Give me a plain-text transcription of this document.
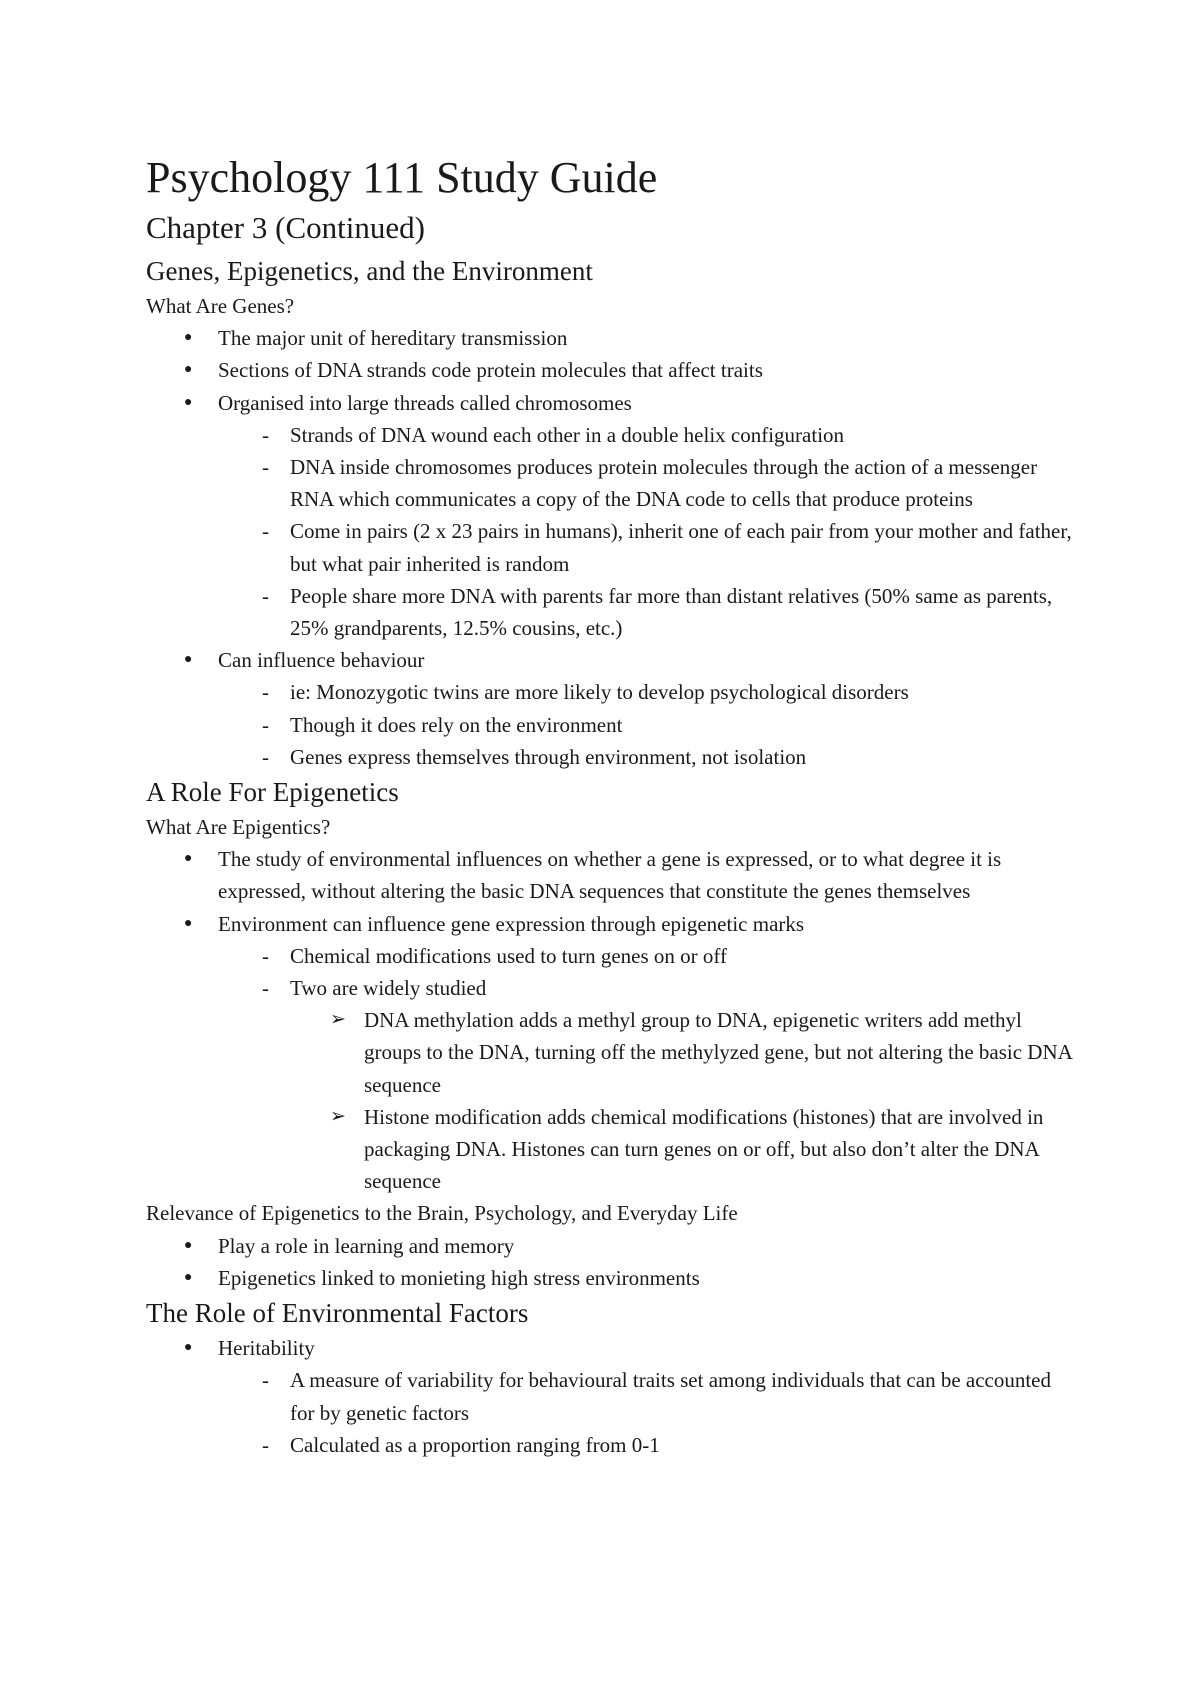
Psychology 111 Study Guide
Chapter 3 (Continued)
Genes, Epigenetics, and the Environment

What Are Genes?

● The major unit of hereditary transmission
● Sections of DNA strands code protein molecules that affect traits
● Organised into large threads called chromosomes
- Strands of DNA wound each other in a double helix configuration
- DNA inside chromosomes produces protein molecules through the action of a messenger RNA which communicates a copy of the DNA code to cells that produce proteins
- Come in pairs (2 x 23 pairs in humans), inherit one of each pair from your mother and father, but what pair inherited is random
- People share more DNA with parents far more than distant relatives (50% same as parents, 25% grandparents, 12.5% cousins, etc.)
● Can influence behaviour
- ie: Monozygotic twins are more likely to develop psychological disorders
- Though it does rely on the environment
- Genes express themselves through environment, not isolation
A Role For Epigenetics

What Are Epigentics?

● The study of environmental influences on whether a gene is expressed, or to what degree it is expressed, without altering the basic DNA sequences that constitute the genes themselves
● Environment can influence gene expression through epigenetic marks
- Chemical modifications used to turn genes on or off
- Two are widely studied
➢ DNA methylation adds a methyl group to DNA, epigenetic writers add methyl groups to the DNA, turning off the methylyzed gene, but not altering the basic DNA sequence
➢ Histone modification adds chemical modifications (histones) that are involved in packaging DNA. Histones can turn genes on or off, but also don’t alter the DNA sequence

Relevance of Epigenetics to the Brain, Psychology, and Everyday Life

● Play a role in learning and memory
● Epigenetics linked to monieting high stress environments
The Role of Environmental Factors
● Heritability
- A measure of variability for behavioural traits set among individuals that can be accounted for by genetic factors
- Calculated as a proportion ranging from 0-1
